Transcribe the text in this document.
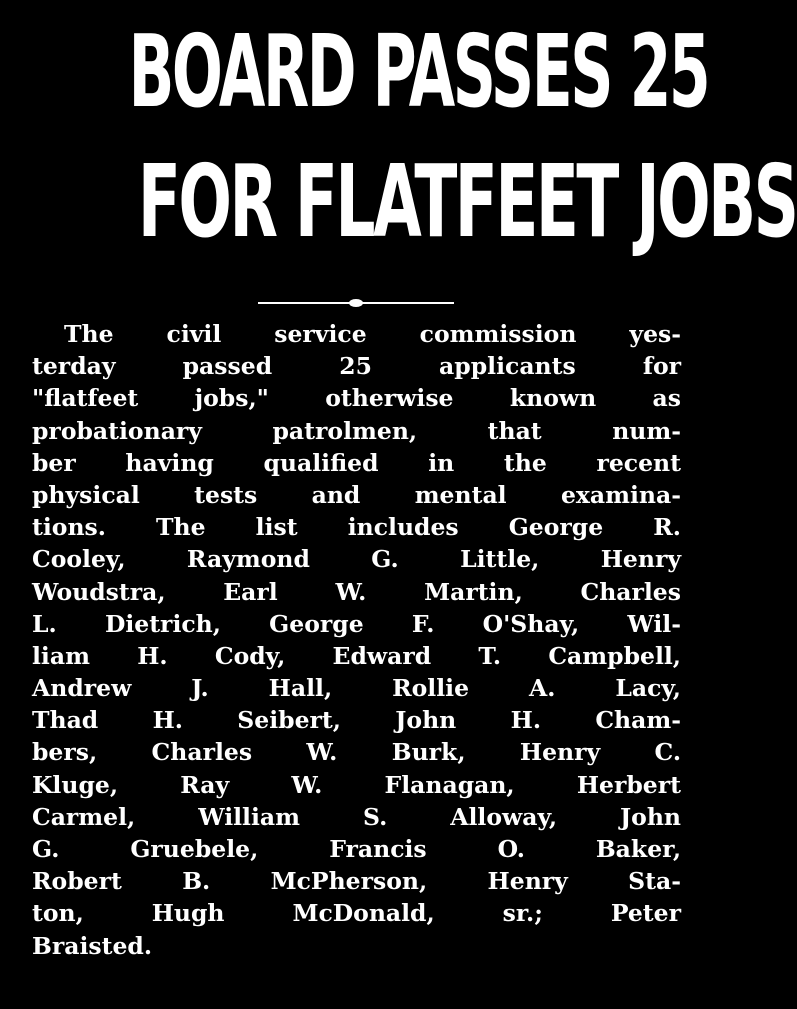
BOARD PASSES 25
FOR FLATFEET JOBS
The civil service commission yes-
terday passed 25 applicants for
"flatfeet jobs," otherwise known as
probationary patrolmen, that num-
ber having qualified in the recent
physical tests and mental examina-
tions. The list includes George R.
Cooley, Raymond G. Little, Henry
Woudstra, Earl W. Martin, Charles
L. Dietrich, George F. O'Shay, Wil-
liam H. Cody, Edward T. Campbell,
Andrew J. Hall, Rollie A. Lacy,
Thad H. Seibert, John H. Cham-
bers, Charles W. Burk, Henry C.
Kluge, Ray W. Flanagan, Herbert
Carmel, William S. Alloway, John
G. Gruebele, Francis O. Baker,
Robert B. McPherson, Henry Sta-
ton, Hugh McDonald, sr.; Peter
Braisted.
